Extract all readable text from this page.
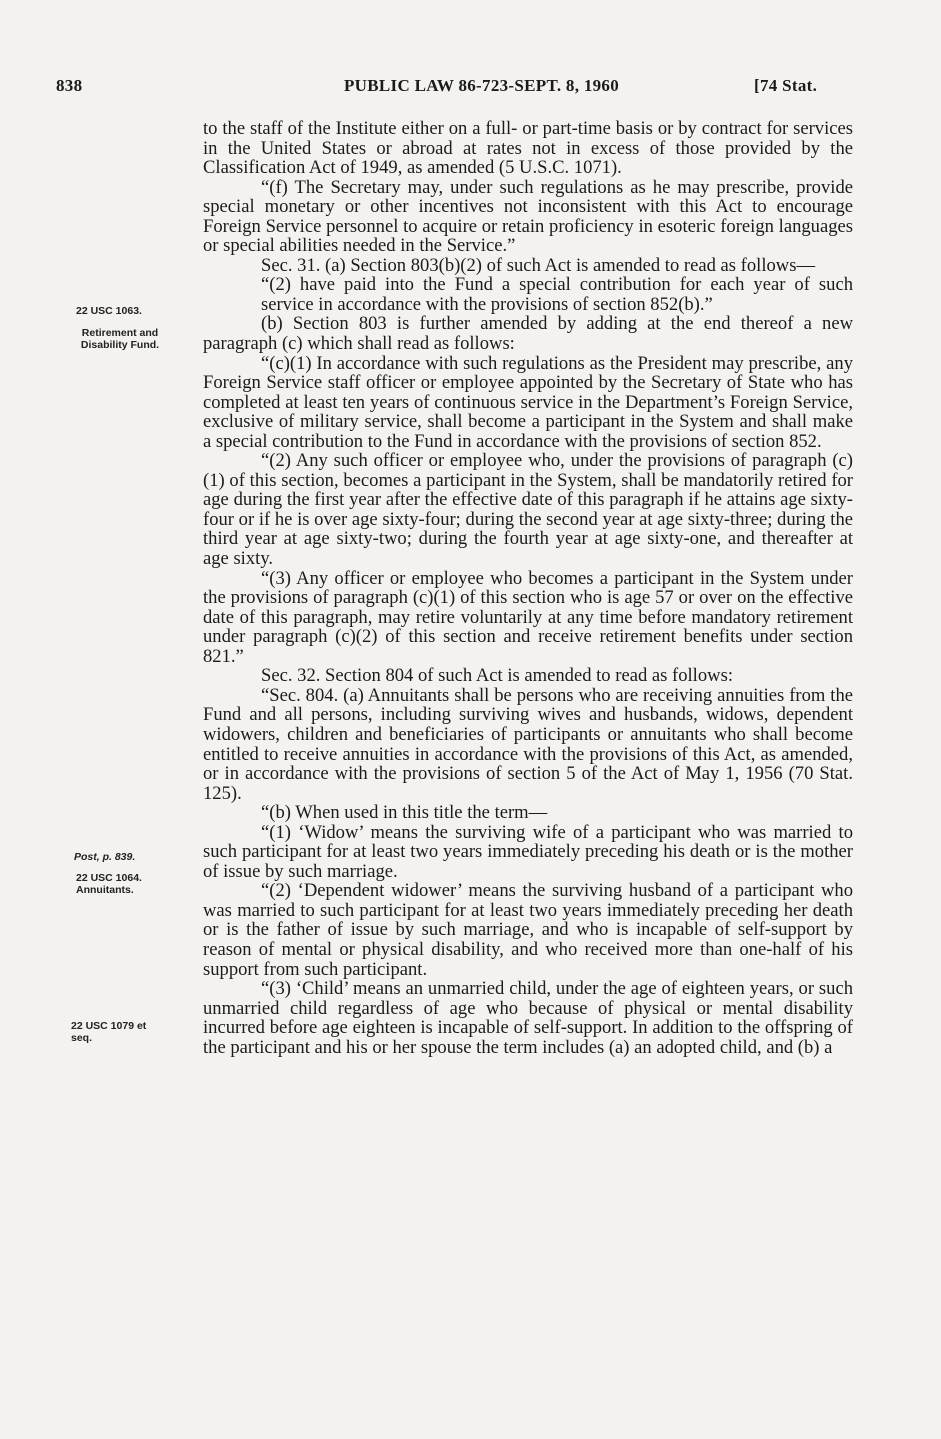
838	PUBLIC LAW 86-723-SEPT. 8, 1960	[74 Stat.
22 USC 1063.
Retirement and Disability Fund.
Post, p. 839.
22 USC 1064.
Annuitants.
22 USC 1079 et
seq.

to the staff of the Institute either on a full- or part-time basis or by contract for services in the United States or abroad at rates not in excess of those provided by the Classification Act of 1949, as amended (5 U.S.C. 1071).

“(f) The Secretary may, under such regulations as he may prescribe, provide special monetary or other incentives not inconsistent with this Act to encourage Foreign Service personnel to acquire or retain proficiency in esoteric foreign languages or special abilities needed in the Service.”

Sec. 31. (a) Section 803(b)(2) of such Act is amended to read as follows—

“(2) have paid into the Fund a special contribution for each year of such service in accordance with the provisions of section 852(b).”

(b) Section 803 is further amended by adding at the end thereof a new paragraph (c) which shall read as follows:

“(c)(1) In accordance with such regulations as the President may prescribe, any Foreign Service staff officer or employee appointed by the Secretary of State who has completed at least ten years of continuous service in the Department’s Foreign Service, exclusive of military service, shall become a participant in the System and shall make a special contribution to the Fund in accordance with the provisions of section 852.

“(2) Any such officer or employee who, under the provisions of paragraph (c)(1) of this section, becomes a participant in the System, shall be mandatorily retired for age during the first year after the effective date of this paragraph if he attains age sixty-four or if he is over age sixty-four; during the second year at age sixty-three; during the third year at age sixty-two; during the fourth year at age sixty-one, and thereafter at age sixty.

“(3) Any officer or employee who becomes a participant in the System under the provisions of paragraph (c)(1) of this section who is age 57 or over on the effective date of this paragraph, may retire voluntarily at any time before mandatory retirement under paragraph (c)(2) of this section and receive retirement benefits under section 821.”

Sec. 32. Section 804 of such Act is amended to read as follows:

“Sec. 804. (a) Annuitants shall be persons who are receiving annuities from the Fund and all persons, including surviving wives and husbands, widows, dependent widowers, children and beneficiaries of participants or annuitants who shall become entitled to receive annuities in accordance with the provisions of this Act, as amended, or in accordance with the provisions of section 5 of the Act of May 1, 1956 (70 Stat. 125).

“(b) When used in this title the term—

“(1) ‘Widow’ means the surviving wife of a participant who was married to such participant for at least two years immediately preceding his death or is the mother of issue by such marriage.

“(2) ‘Dependent widower’ means the surviving husband of a participant who was married to such participant for at least two years immediately preceding her death or is the father of issue by such marriage, and who is incapable of self-support by reason of mental or physical disability, and who received more than one-half of his support from such participant.

“(3) ‘Child’ means an unmarried child, under the age of eighteen years, or such unmarried child regardless of age who because of physical or mental disability incurred before age eighteen is incapable of self-support. In addition to the offspring of the participant and his or her spouse the term includes (a) an adopted child, and (b) a
